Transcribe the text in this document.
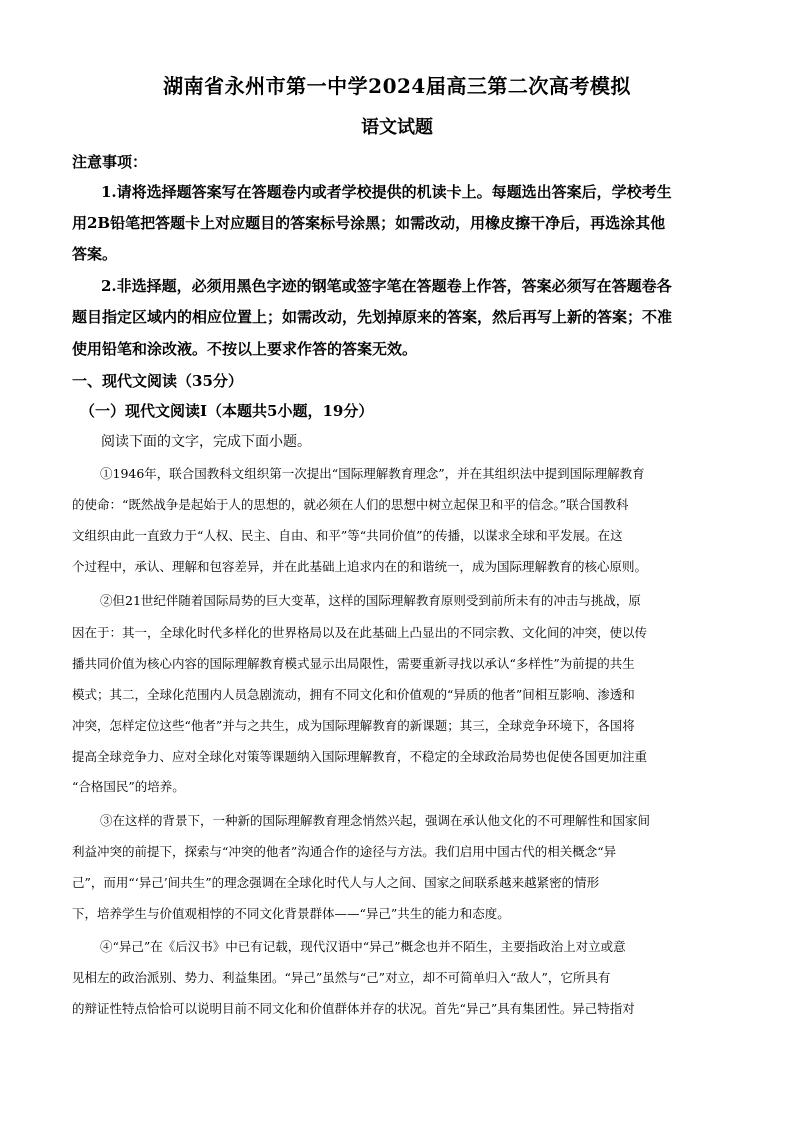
湖南省永州市第一中学2024届高三第二次高考模拟
语文试题
注意事项：
1.请将选择题答案写在答题卷内或者学校提供的机读卡上。每题选出答案后，学校考生
用2B铅笔把答题卡上对应题目的答案标号涂黑；如需改动，用橡皮擦干净后，再选涂其他
答案。
2.非选择题，必须用黑色字迹的钢笔或签字笔在答题卷上作答，答案必须写在答题卷各
题目指定区域内的相应位置上；如需改动，先划掉原来的答案，然后再写上新的答案；不准
使用铅笔和涂改液。不按以上要求作答的答案无效。
一、现代文阅读（35分）
（一）现代文阅读Ⅰ（本题共5小题，19分）
阅读下面的文字，完成下面小题。
①1946年，联合国教科文组织第一次提出“国际理解教育理念”，并在其组织法中提到国际理解教育
的使命：“既然战争是起始于人的思想的，就必须在人们的思想中树立起保卫和平的信念。”联合国教科
文组织由此一直致力于“人权、民主、自由、和平”等“共同价值”的传播，以谋求全球和平发展。在这
个过程中，承认、理解和包容差异，并在此基础上追求内在的和谐统一，成为国际理解教育的核心原则。
②但21世纪伴随着国际局势的巨大变革，这样的国际理解教育原则受到前所未有的冲击与挑战，原
因在于：其一，全球化时代多样化的世界格局以及在此基础上凸显出的不同宗教、文化间的冲突，使以传
播共同价值为核心内容的国际理解教育模式显示出局限性，需要重新寻找以承认“多样性”为前提的共生
模式；其二，全球化范围内人员急剧流动，拥有不同文化和价值观的“异质的他者”间相互影响、渗透和
冲突，怎样定位这些“他者”并与之共生，成为国际理解教育的新课题；其三，全球竞争环境下，各国将
提高全球竞争力、应对全球化对策等课题纳入国际理解教育，不稳定的全球政治局势也促使各国更加注重
“合格国民”的培养。
③在这样的背景下，一种新的国际理解教育理念悄然兴起，强调在承认他文化的不可理解性和国家间
利益冲突的前提下，探索与“冲突的他者”沟通合作的途径与方法。我们启用中国古代的相关概念“异
己”，而用“‘异己’间共生”的理念强调在全球化时代人与人之间、国家之间联系越来越紧密的情形
下，培养学生与价值观相悖的不同文化背景群体——“异己”共生的能力和态度。
④“异己”在《后汉书》中已有记载，现代汉语中“异己”概念也并不陌生，主要指政治上对立或意
见相左的政治派别、势力、利益集团。“异己”虽然与“己”对立，却不可简单归入“敌人”，它所具有
的辩证性特点恰恰可以说明目前不同文化和价值群体并存的状况。首先“异己”具有集团性。异己特指对
